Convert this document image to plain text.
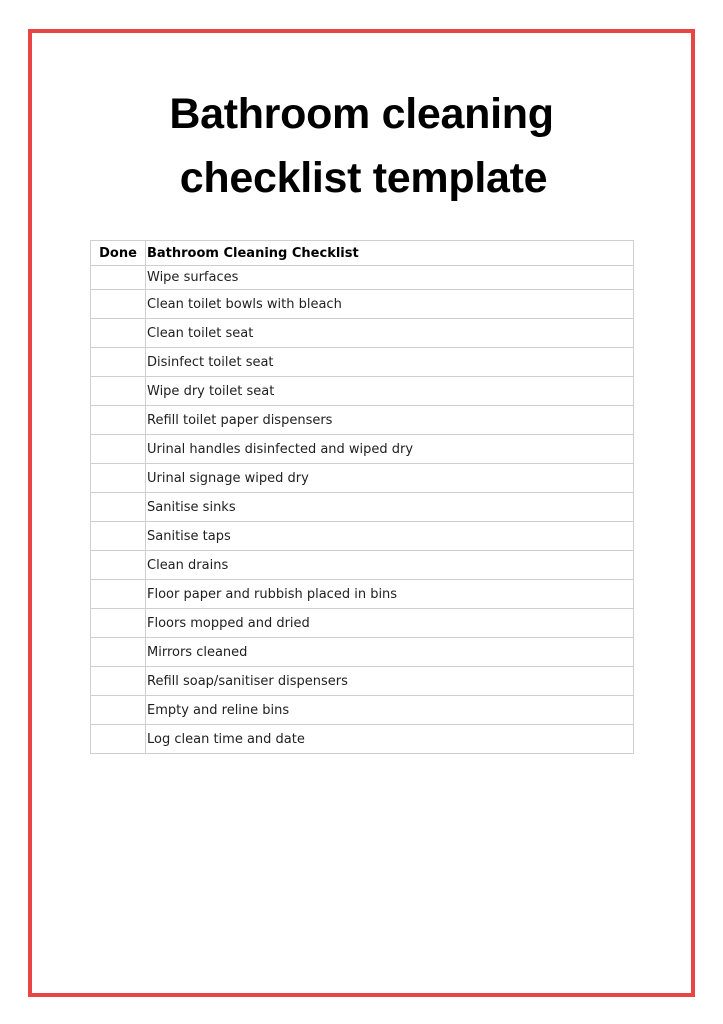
Bathroom cleaning
checklist template
Done	Bathroom Cleaning Checklist
	Wipe surfaces
	Clean toilet bowls with bleach
	Clean toilet seat
	Disinfect toilet seat
	Wipe dry toilet seat
	Refill toilet paper dispensers
	Urinal handles disinfected and wiped dry
	Urinal signage wiped dry
	Sanitise sinks
	Sanitise taps
	Clean drains
	Floor paper and rubbish placed in bins
	Floors mopped and dried
	Mirrors cleaned
	Refill soap/sanitiser dispensers
	Empty and reline bins
	Log clean time and date
